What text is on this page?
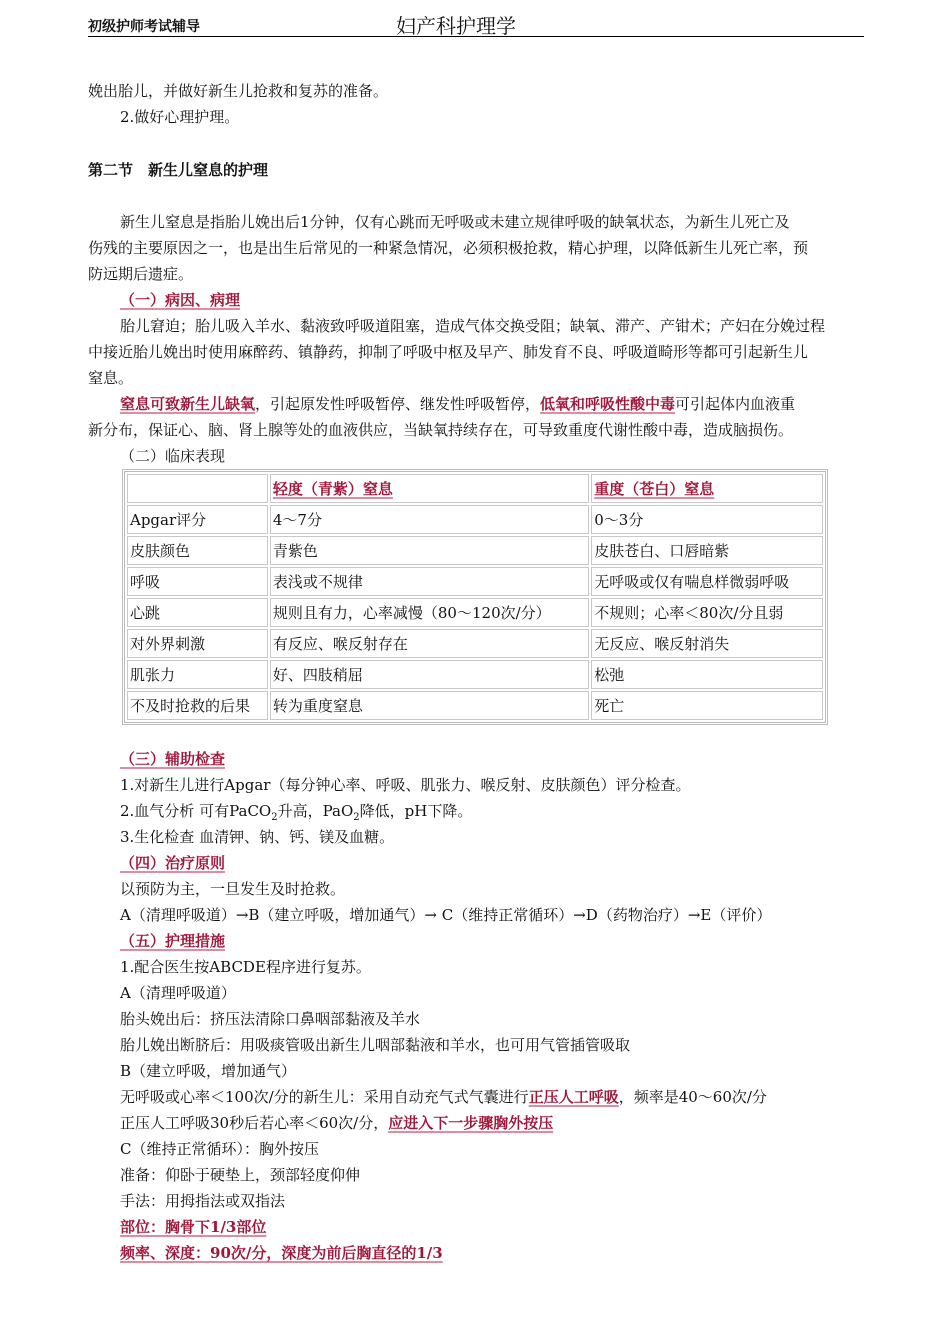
初级护师考试辅导	妇产科护理学
娩出胎儿，并做好新生儿抢救和复苏的准备。
2.做好心理护理。
第二节　新生儿窒息的护理
新生儿窒息是指胎儿娩出后1分钟，仅有心跳而无呼吸或未建立规律呼吸的缺氧状态，为新生儿死亡及
伤残的主要原因之一，也是出生后常见的一种紧急情况，必须积极抢救，精心护理，以降低新生儿死亡率，预
防远期后遗症。
（一）病因、病理
胎儿窘迫；胎儿吸入羊水、黏液致呼吸道阻塞，造成气体交换受阻；缺氧、滞产、产钳术；产妇在分娩过程
中接近胎儿娩出时使用麻醉药、镇静药，抑制了呼吸中枢及早产、肺发育不良、呼吸道畸形等都可引起新生儿
窒息。
窒息可致新生儿缺氧，引起原发性呼吸暂停、继发性呼吸暂停，低氧和呼吸性酸中毒可引起体内血液重
新分布，保证心、脑、肾上腺等处的血液供应，当缺氧持续存在，可导致重度代谢性酸中毒，造成脑损伤。
（二）临床表现
	轻度（青紫）窒息	重度（苍白）窒息
Apgar评分	4～7分	0～3分
皮肤颜色	青紫色	皮肤苍白、口唇暗紫
呼吸	表浅或不规律	无呼吸或仅有喘息样微弱呼吸
心跳	规则且有力，心率减慢（80～120次/分）	不规则；心率＜80次/分且弱
对外界刺激	有反应、喉反射存在	无反应、喉反射消失
肌张力	好、四肢稍屈	松弛
不及时抢救的后果	转为重度窒息	死亡
（三）辅助检查
1.对新生儿进行Apgar（每分钟心率、呼吸、肌张力、喉反射、皮肤颜色）评分检查。
2.血气分析 可有PaCO$_2$升高，PaO$_2$降低，pH下降。
3.生化检查 血清钾、钠、钙、镁及血糖。
（四）治疗原则
以预防为主，一旦发生及时抢救。
A（清理呼吸道）→B（建立呼吸，增加通气）→ C（维持正常循环）→D（药物治疗）→E（评价）
（五）护理措施
1.配合医生按ABCDE程序进行复苏。
A（清理呼吸道）
胎头娩出后：挤压法清除口鼻咽部黏液及羊水
胎儿娩出断脐后：用吸痰管吸出新生儿咽部黏液和羊水，也可用气管插管吸取
B（建立呼吸，增加通气）
无呼吸或心率＜100次/分的新生儿：采用自动充气式气囊进行正压人工呼吸，频率是40～60次/分
正压人工呼吸30秒后若心率＜60次/分，应进入下一步骤胸外按压
C（维持正常循环）：胸外按压
准备：仰卧于硬垫上，颈部轻度仰伸
手法：用拇指法或双指法
部位：胸骨下1/3部位
频率、深度：90次/分，深度为前后胸直径的1/3
